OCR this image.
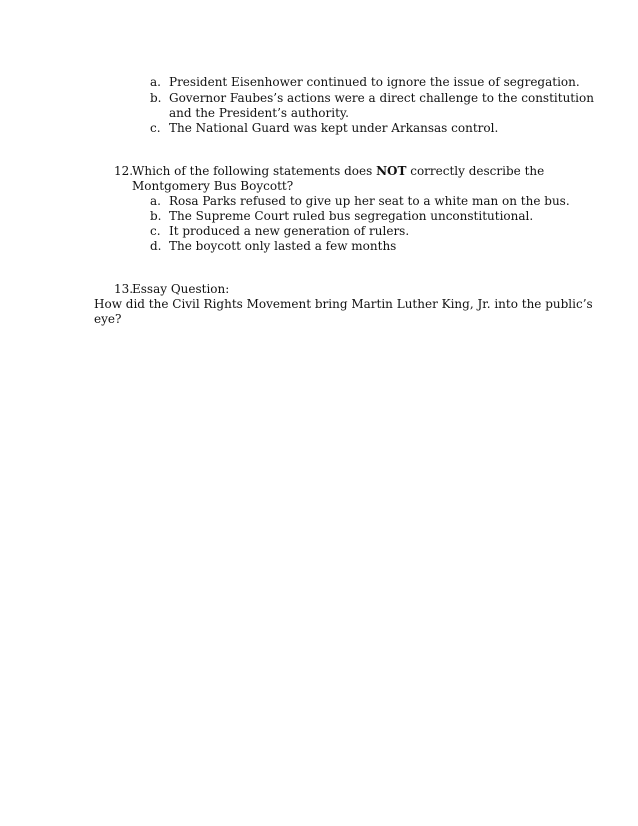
a. President Eisenhower continued to ignore the issue of segregation.
b. Governor Faubes’s actions were a direct challenge to the constitution
and the President’s authority.
c. The National Guard was kept under Arkansas control.
12.
Which of the following statements does NOT correctly describe the
Montgomery Bus Boycott?
a. Rosa Parks refused to give up her seat to a white man on the bus.
b. The Supreme Court ruled bus segregation unconstitutional.
c. It produced a new generation of rulers.
d. The boycott only lasted a few months
13.
Essay Question:
How did the Civil Rights Movement bring Martin Luther King, Jr. into the public’s
eye?
